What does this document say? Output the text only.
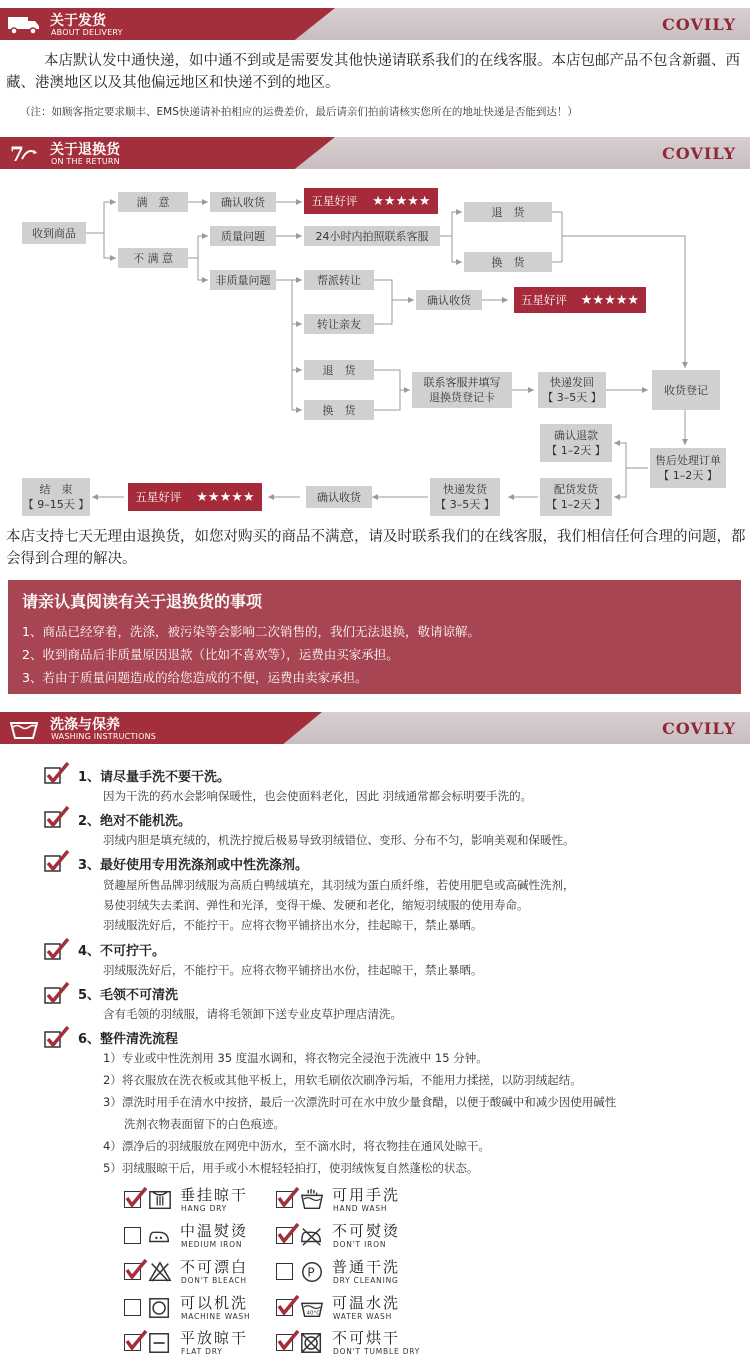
关于发货
ABOUT DELIVERY	COVILY
本店默认发中通快递，如中通不到或是需要发其他快递请联系我们的在线客服。本店包邮产品不包含新疆、西藏、港澳地区以及其他偏远地区和快递不到的地区。
（注：如顾客指定要求顺丰、EMS快递请补拍相应的运费差价，最后请亲们拍前请核实您所在的地址快递是否能到达！）
7 关于退换货
ON THE RETURN	COVILY
收到商品
满　意
不 满 意
确认收货	五星好评 ★★★★★
质量问题	24小时内拍照联系客服
退　货
换　货
非质量问题	帮派转让
转让亲友
确认收货	五星好评 ★★★★★
退　货
换　货
联系客服并填写
退换货登记卡
快递发回
【 3–5天 】
收货登记
确认退款
【 1–2天 】
售后处理订单
【 1–2天 】
配货发货
【 1–2天 】
快递发货
【 3–5天 】
确认收货
五星好评 ★★★★★
结　束
【 9–15天 】
本店支持七天无理由退换货，如您对购买的商品不满意，请及时联系我们的在线客服，我们相信任何合理的问题，都会得到合理的解决。
请亲认真阅读有关于退换货的事项
1、商品已经穿着，洗涤，被污染等会影响二次销售的，我们无法退换，敬请谅解。
2、收到商品后非质量原因退款（比如不喜欢等），运费由买家承担。
3、若由于质量问题造成的给您造成的不便，运费由卖家承担。
洗涤与保养
WASHING INSTRUCTIONS	COVILY
1、请尽量手洗不要干洗。
因为干洗的药水会影响保暖性，也会使面料老化，因此 羽绒通常都会标明要手洗的。
2、绝对不能机洗。
羽绒内胆是填充绒的，机洗拧搅后极易导致羽绒错位、变形、分布不匀，影响美观和保暖性。
3、最好使用专用洗涤剂或中性洗涤剂。
贤趣屋所售品牌羽绒服为高质白鸭绒填充，其羽绒为蛋白质纤维，若使用肥皂或高碱性洗剂，
易使羽绒失去柔润、弹性和光泽，变得干燥、发硬和老化，缩短羽绒服的使用寿命。
羽绒服洗好后，不能拧干。应将衣物平铺挤出水分，挂起晾干，禁止暴晒。
4、不可拧干。
羽绒服洗好后，不能拧干。应将衣物平铺挤出水份，挂起晾干，禁止暴晒。
5、毛领不可清洗
含有毛领的羽绒服，请将毛领卸下送专业皮草护理店清洗。
6、整件清洗流程
1）专业或中性洗剂用 35 度温水调和，将衣物完全浸泡于洗液中 15 分钟。
2）将衣服放在洗衣板或其他平板上，用软毛刷依次刷净污垢，不能用力揉搓，以防羽绒起结。
3）漂洗时用手在清水中按挤，最后一次漂洗时可在水中放少量食醋，以便于酸碱中和减少因使用碱性
洗剂衣物表面留下的白色痕迹。
4）漂净后的羽绒服放在网兜中沥水，至不滴水时，将衣物挂在通风处晾干。
5）羽绒服晾干后，用手或小木棍轻轻拍打，使羽绒恢复自然蓬松的状态。
垂挂晾干
HANG DRY
可用手洗
HAND WASH
中温熨烫
MEDIUM IRON
不可熨烫
DON'T IRON
不可漂白
DON'T BLEACH
P 普通干洗
DRY CLEANING
可以机洗
MACHINE WASH	40°C
可温水洗
WATER WASH
平放晾干
FLAT DRY
不可烘干
DON'T TUMBLE DRY
